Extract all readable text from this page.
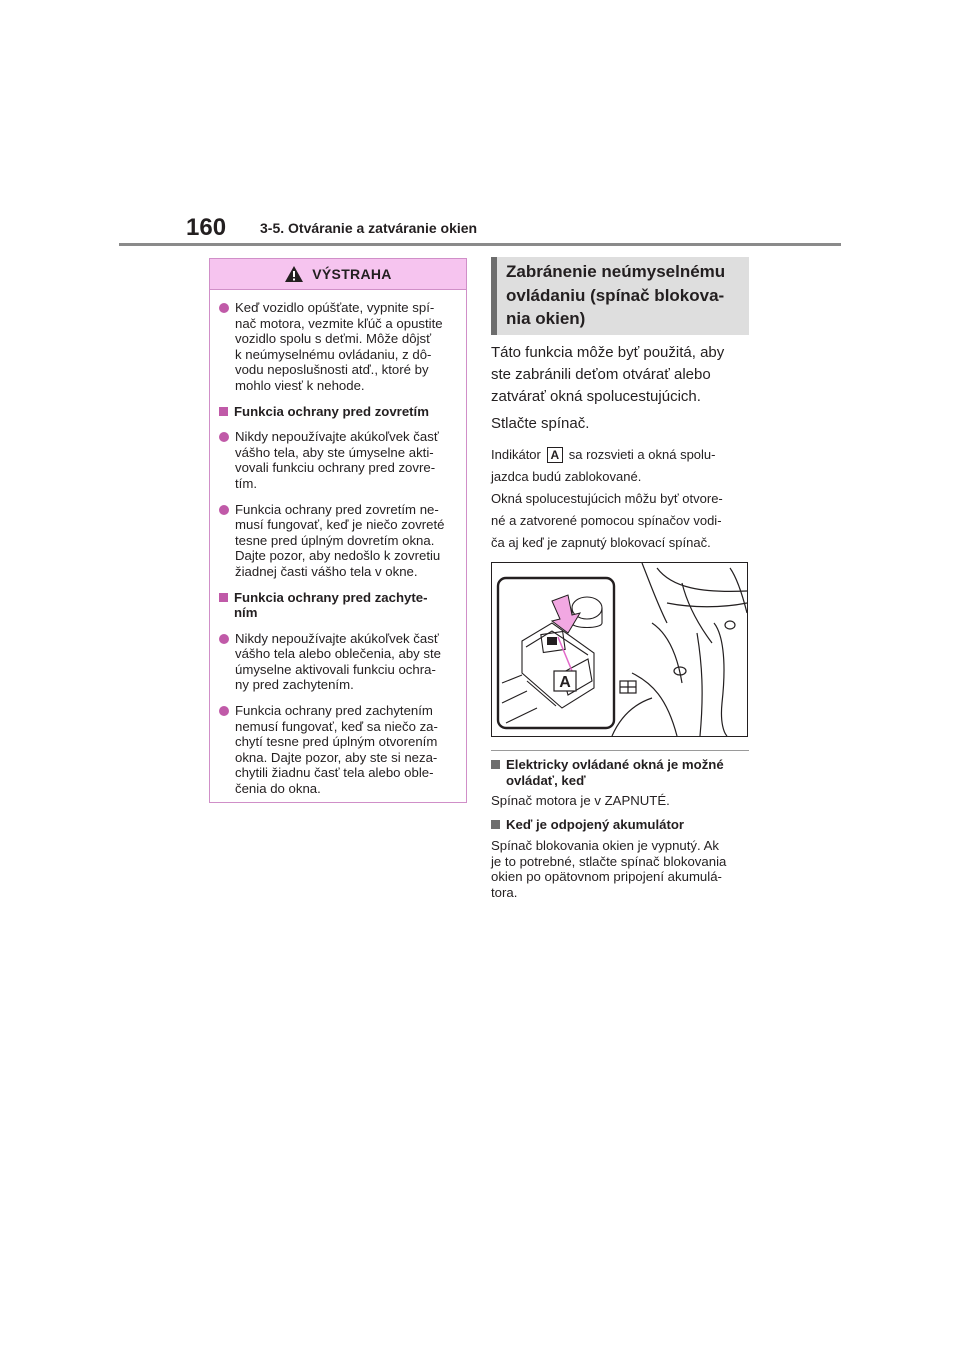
160 3-5. Otváranie a zatváranie okien
VÝSTRAHA
Keď vozidlo opúšťate, vypnite spí-
nač motora, vezmite kľúč a opustite
vozidlo spolu s deťmi. Môže dôjsť
k neúmyselnému ovládaniu, z dô-
vodu neposlušnosti atď., ktoré by
mohlo viesť k nehode.
Funkcia ochrany pred zovretím
Nikdy nepoužívajte akúkoľvek časť
vášho tela, aby ste úmyselne akti-
vovali funkciu ochrany pred zovre-
tím.
Funkcia ochrany pred zovretím ne-
musí fungovať, keď je niečo zovreté
tesne pred úplným dovretím okna.
Dajte pozor, aby nedošlo k zovretiu
žiadnej časti vášho tela v okne.
Funkcia ochrany pred zachyte-
ním
Nikdy nepoužívajte akúkoľvek časť
vášho tela alebo oblečenia, aby ste
úmyselne aktivovali funkciu ochra-
ny pred zachytením.
Funkcia ochrany pred zachytením
nemusí fungovať, keď sa niečo za-
chytí tesne pred úplným otvorením
okna. Dajte pozor, aby ste si neza-
chytili žiadnu časť tela alebo oble-
čenia do okna.
Zabránenie neúmyselnému
ovládaniu (spínač blokova-
nia okien)

Táto funkcia môže byť použitá, aby

ste zabránili deťom otvárať alebo

zatvárať okná spolucestujúcich.

Stlačte spínač.

Indikátor A sa rozsvieti a okná spolu-

jazdca budú zablokované.

Okná spolucestujúcich môžu byť otvore-

né a zatvorené pomocou spínačov vodi-

ča aj keď je zapnutý blokovací spínač.

A
Elektricky ovládané okná je možné
ovládať, keď

Spínač motora je v ZAPNUTÉ.

Keď je odpojený akumulátor

Spínač blokovania okien je vypnutý. Ak

je to potrebné, stlačte spínač blokovania

okien po opätovnom pripojení akumulá-

tora.
